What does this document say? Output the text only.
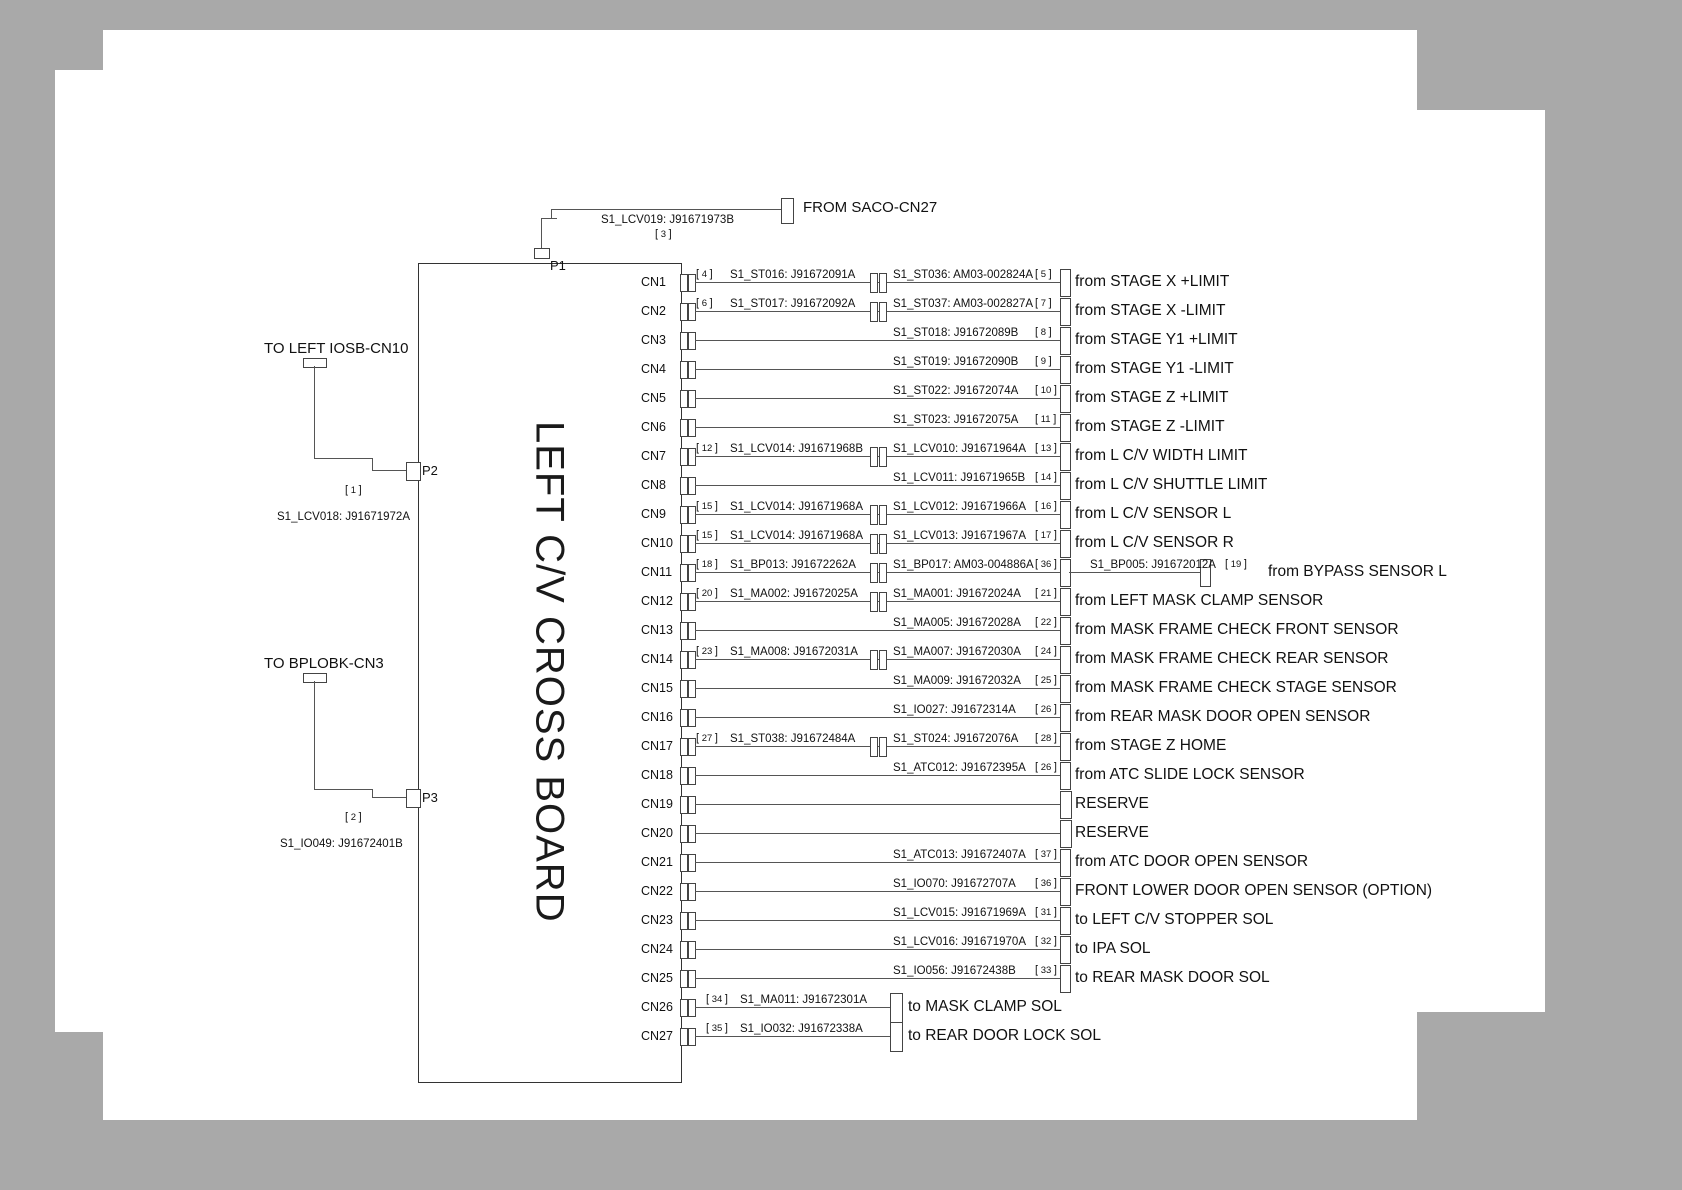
LEFT C/V CROSS BOARD
P1
FROM SACO-CN27
S1_LCV019: J91671973B
[ 3 ]
TO LEFT IOSB-CN10
P2
[ 1 ]
S1_LCV018: J91671972A
TO BPLOBK-CN3
P3
[ 2 ]
S1_IO049: J91672401B
CN1
[ 4 ] S1_ST016: J91672091A	S1_ST036: AM03-002824A [ 5 ] from STAGE X +LIMIT
CN2
[ 6 ] S1_ST017: J91672092A	S1_ST037: AM03-002827A [ 7 ] from STAGE X -LIMIT
CN3	S1_ST018: J91672089B [ 8 ] from STAGE Y1 +LIMIT
CN4	S1_ST019: J91672090B [ 9 ] from STAGE Y1 -LIMIT
CN5	S1_ST022: J91672074A [ 10 ] from STAGE Z +LIMIT
CN6	S1_ST023: J91672075A [ 11 ] from STAGE Z -LIMIT
CN7
[ 12 ] S1_LCV014: J91671968B	S1_LCV010: J91671964A [ 13 ] from L C/V WIDTH LIMIT
CN8	S1_LCV011: J91671965B [ 14 ] from L C/V SHUTTLE LIMIT
CN9
[ 15 ] S1_LCV014: J91671968A	S1_LCV012: J91671966A [ 16 ] from L C/V SENSOR L
CN10
[ 15 ] S1_LCV014: J91671968A	S1_LCV013: J91671967A [ 17 ] from L C/V SENSOR R
CN11
[ 18 ] S1_BP013: J91672262A	S1_BP017: AM03-004886A [ 36 ]	S1_BP005: J91672012A [ 19 ] from BYPASS SENSOR L
CN12
[ 20 ] S1_MA002: J91672025A	S1_MA001: J91672024A [ 21 ] from LEFT MASK CLAMP SENSOR
CN13	S1_MA005: J91672028A [ 22 ] from MASK FRAME CHECK FRONT SENSOR
CN14
[ 23 ] S1_MA008: J91672031A	S1_MA007: J91672030A [ 24 ] from MASK FRAME CHECK REAR SENSOR
CN15	S1_MA009: J91672032A [ 25 ] from MASK FRAME CHECK STAGE SENSOR
CN16	S1_IO027: J91672314A [ 26 ] from REAR MASK DOOR OPEN SENSOR
CN17
[ 27 ] S1_ST038: J91672484A	S1_ST024: J91672076A [ 28 ] from STAGE Z HOME
CN18	S1_ATC012: J91672395A [ 26 ] from ATC SLIDE LOCK SENSOR
CN19	RESERVE
CN20	RESERVE
CN21	S1_ATC013: J91672407A [ 37 ] from ATC DOOR OPEN SENSOR
CN22	S1_IO070: J91672707A [ 36 ] FRONT LOWER DOOR OPEN SENSOR (OPTION)
CN23	S1_LCV015: J91671969A [ 31 ] to LEFT C/V STOPPER SOL
CN24	S1_LCV016: J91671970A [ 32 ] to IPA SOL
CN25	S1_IO056: J91672438B [ 33 ] to REAR MASK DOOR SOL
CN26
[ 34 ] S1_MA011: J91672301A	to MASK CLAMP SOL
CN27
[ 35 ] S1_IO032: J91672338A	to REAR DOOR LOCK SOL
